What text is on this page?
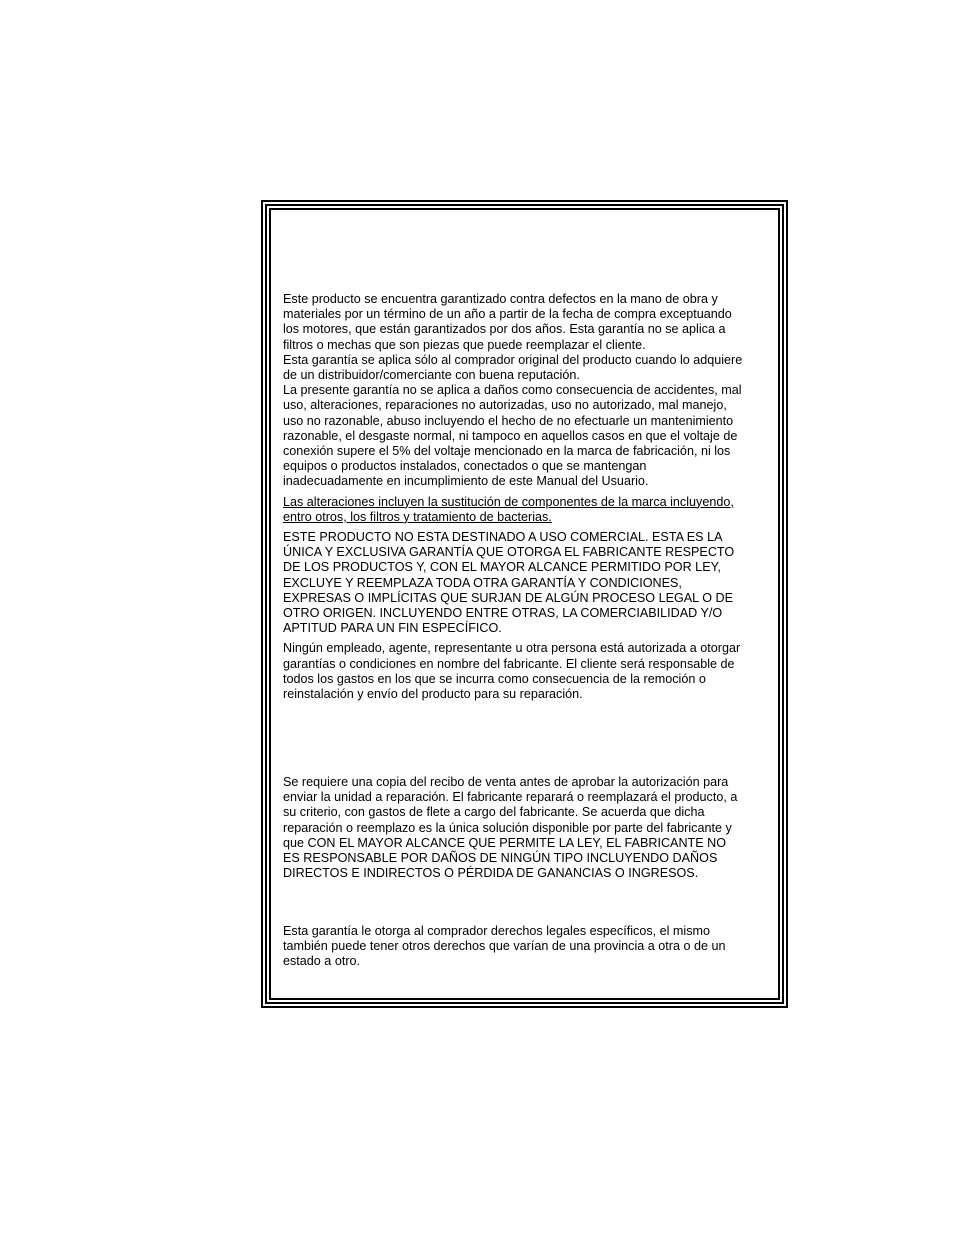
Este producto se encuentra garantizado contra defectos en la mano de obra y
materiales por un término de un año a partir de la fecha de compra exceptuando
los motores, que están garantizados por dos años. Esta garantía no se aplica a
filtros o mechas que son piezas que puede reemplazar el cliente.
Esta garantía se aplica sólo al comprador original del producto cuando lo adquiere
de un distribuidor/comerciante con buena reputación.
La presente garantía no se aplica a daños como consecuencia de accidentes, mal
uso, alteraciones, reparaciones no autorizadas, uso no autorizado, mal manejo,
uso no razonable, abuso incluyendo el hecho de no efectuarle un mantenimiento
razonable, el desgaste normal, ni tampoco en aquellos casos en que el voltaje de
conexión supere el 5% del voltaje mencionado en la marca de fabricación, ni los
equipos o productos instalados, conectados o que se mantengan
inadecuadamente en incumplimiento de este Manual del Usuario.
Las alteraciones incluyen la sustitución de componentes de la marca incluyendo,
entro otros, los filtros y tratamiento de bacterias.
ESTE PRODUCTO NO ESTA DESTINADO A USO COMERCIAL. ESTA ES LA
ÚNICA Y EXCLUSIVA GARANTÍA QUE OTORGA EL FABRICANTE RESPECTO
DE LOS PRODUCTOS Y, CON EL MAYOR ALCANCE PERMITIDO POR LEY,
EXCLUYE Y REEMPLAZA TODA OTRA GARANTÍA Y CONDICIONES,
EXPRESAS O IMPLÍCITAS QUE SURJAN DE ALGÚN PROCESO LEGAL O DE
OTRO ORIGEN. INCLUYENDO ENTRE OTRAS, LA COMERCIABILIDAD Y/O
APTITUD PARA UN FIN ESPECÍFICO.
Ningún empleado, agente, representante u otra persona está autorizada a otorgar
garantías o condiciones en nombre del fabricante. El cliente será responsable de
todos los gastos en los que se incurra como consecuencia de la remoción o
reinstalación y envío del producto para su reparación.
Se requiere una copia del recibo de venta antes de aprobar la autorización para
enviar la unidad a reparación. El fabricante reparará o reemplazará el producto, a
su criterio, con gastos de flete a cargo del fabricante. Se acuerda que dicha
reparación o reemplazo es la única solución disponible por parte del fabricante y
que CON EL MAYOR ALCANCE QUE PERMITE LA LEY, EL FABRICANTE NO
ES RESPONSABLE POR DAÑOS DE NINGÚN TIPO INCLUYENDO DAÑOS
DIRECTOS E INDIRECTOS O PÉRDIDA DE GANANCIAS O INGRESOS.
Esta garantía le otorga al comprador derechos legales específicos, el mismo
también puede tener otros derechos que varían de una provincia a otra o de un
estado a otro.
